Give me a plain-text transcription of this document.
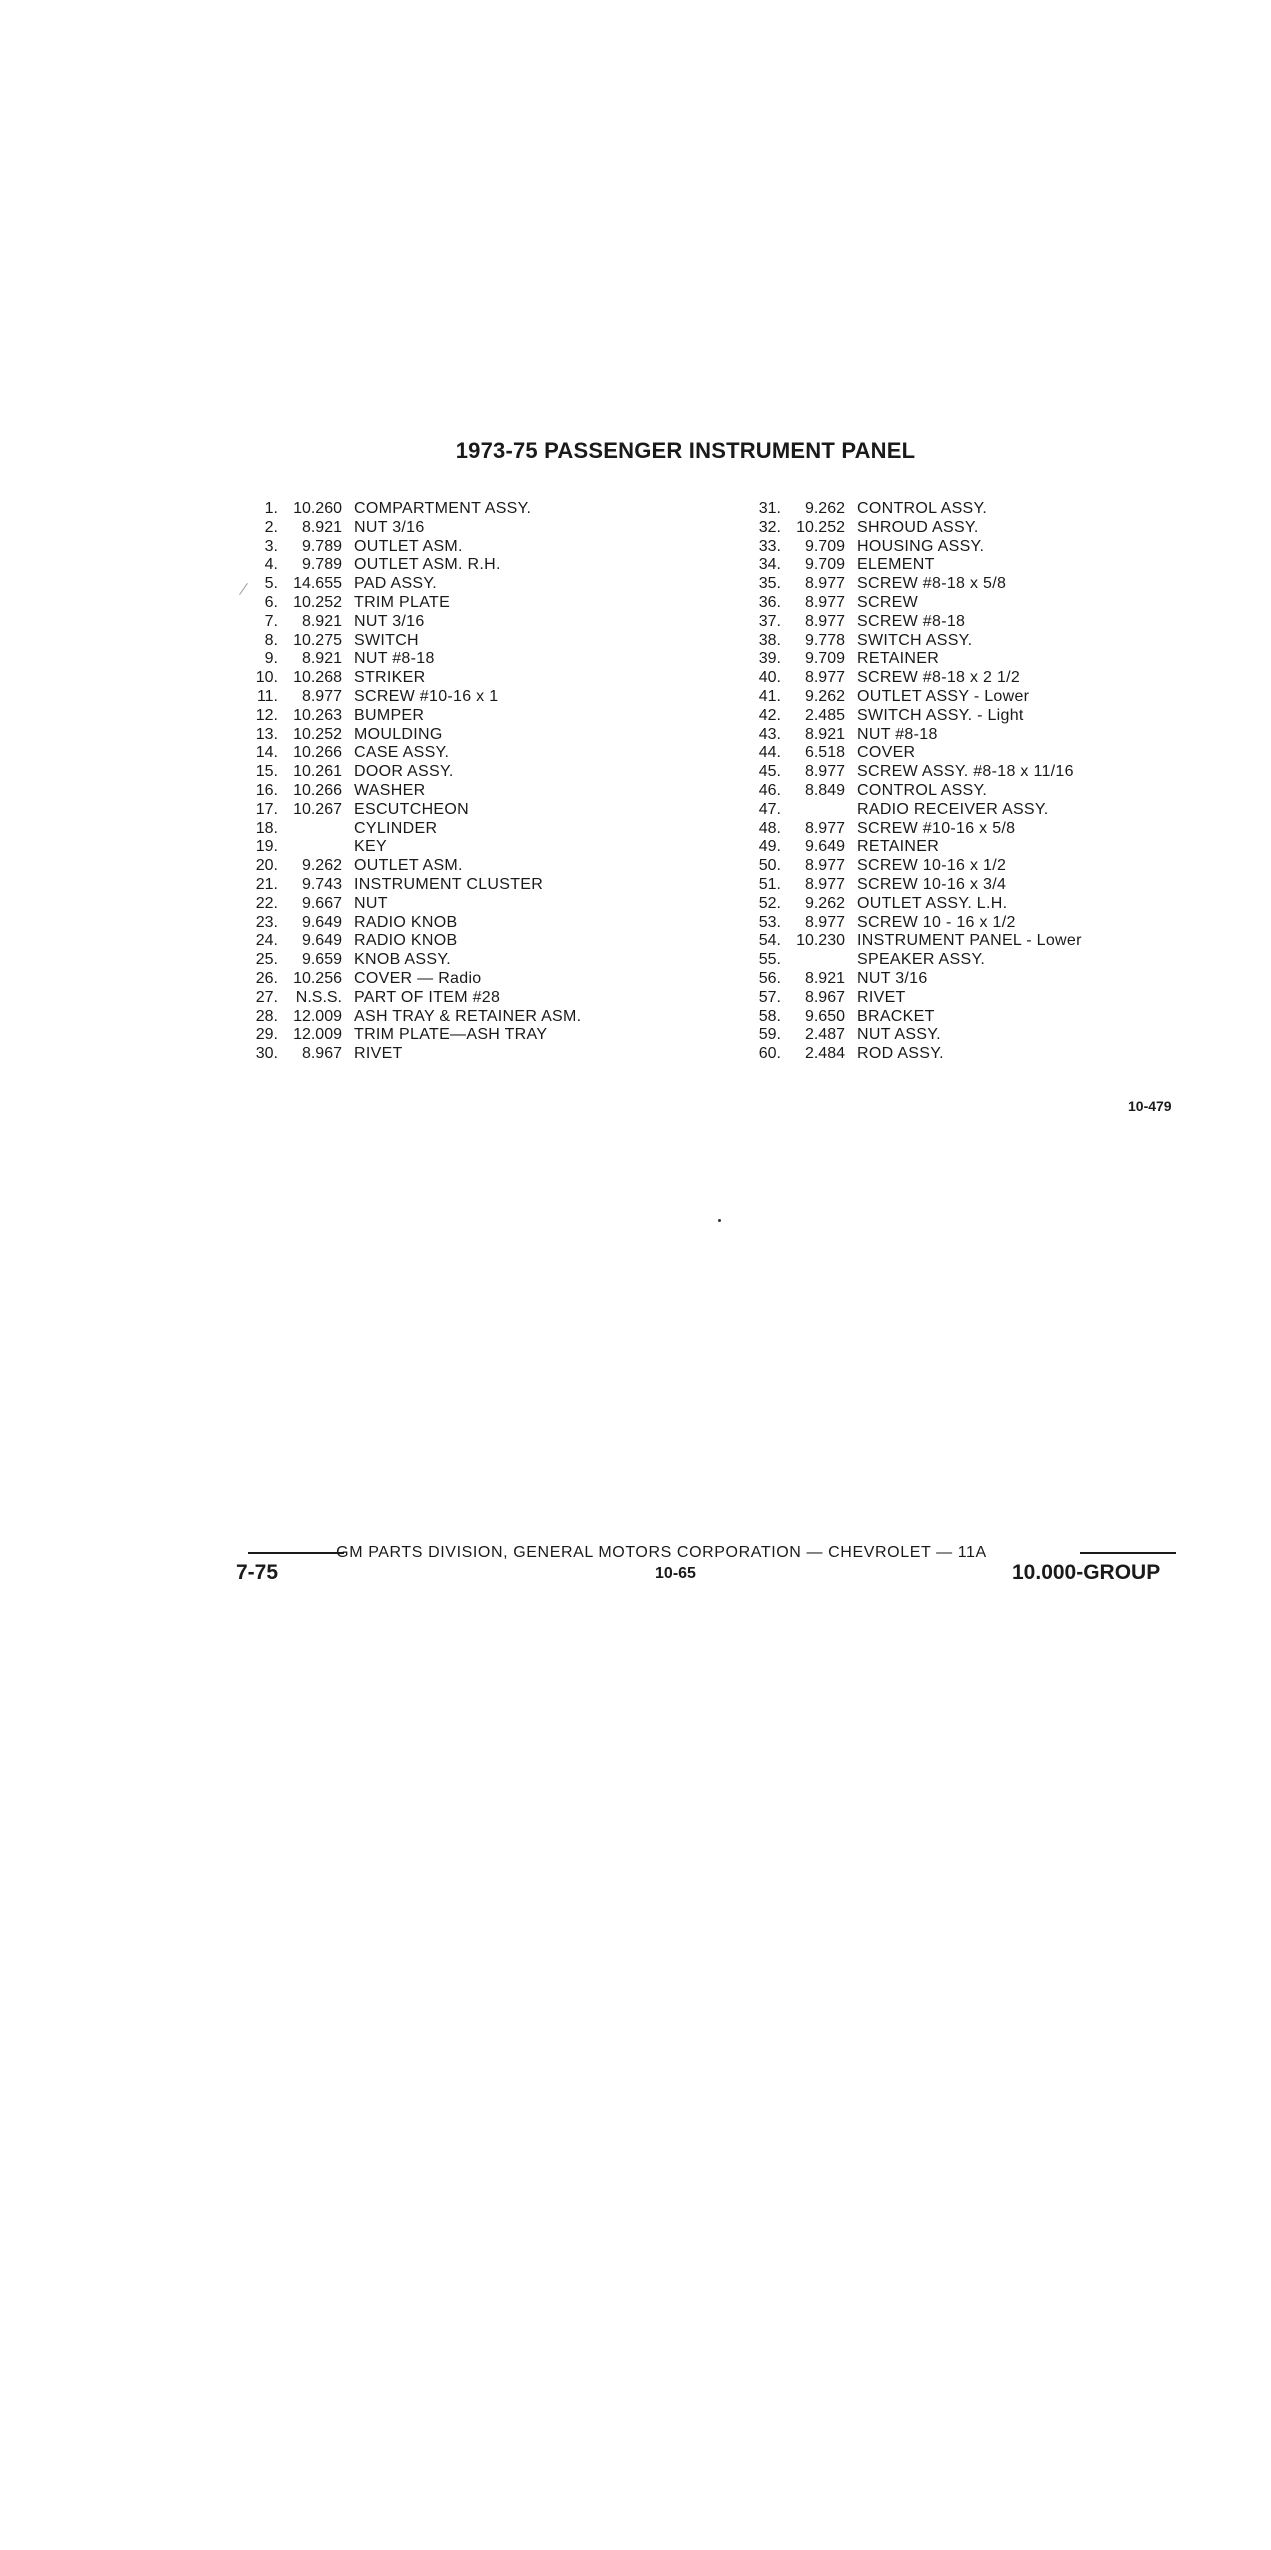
1973-75 PASSENGER INSTRUMENT PANEL
1. 10.260 COMPARTMENT ASSY.
2.	8.921 NUT 3/16
3.	9.789 OUTLET ASM.
4.	9.789 OUTLET ASM. R.H.
5. 14.655 PAD ASSY.
6. 10.252 TRIM PLATE
7.	8.921 NUT 3/16
8. 10.275 SWITCH
9.	8.921 NUT #8-18
10. 10.268 STRIKER
11.	8.977 SCREW #10-16 x 1
12. 10.263 BUMPER
13. 10.252 MOULDING
14. 10.266 CASE ASSY.
15. 10.261 DOOR ASSY.
16. 10.266 WASHER
17. 10.267 ESCUTCHEON
18.	CYLINDER
19.	KEY
20.	9.262 OUTLET ASM.
21.	9.743 INSTRUMENT CLUSTER
22.	9.667 NUT
23.	9.649 RADIO KNOB
24.	9.649 RADIO KNOB
25.	9.659 KNOB ASSY.
26. 10.256 COVER — Radio
27.	N.S.S. PART OF ITEM #28
28. 12.009 ASH TRAY & RETAINER ASM.
29. 12.009 TRIM PLATE—ASH TRAY
30.	8.967 RIVET
31.	9.262 CONTROL ASSY.
32. 10.252 SHROUD ASSY.
33.	9.709 HOUSING ASSY.
34.	9.709 ELEMENT
35.	8.977 SCREW #8-18 x 5/8
36.	8.977 SCREW
37.	8.977 SCREW #8-18
38.	9.778 SWITCH ASSY.
39.	9.709 RETAINER
40.	8.977 SCREW #8-18 x 2 1/2
41.	9.262 OUTLET ASSY - Lower
42.	2.485 SWITCH ASSY. - Light
43.	8.921 NUT #8-18
44.	6.518 COVER
45.	8.977 SCREW ASSY. #8-18 x 11/16
46.	8.849 CONTROL ASSY.
47.	RADIO RECEIVER ASSY.
48.	8.977 SCREW #10-16 x 5/8
49.	9.649 RETAINER
50.	8.977 SCREW 10-16 x 1/2
51.	8.977 SCREW 10-16 x 3/4
52.	9.262 OUTLET ASSY. L.H.
53.	8.977 SCREW 10 - 16 x 1/2
54. 10.230 INSTRUMENT PANEL - Lower
55.	SPEAKER ASSY.
56.	8.921 NUT 3/16
57.	8.967 RIVET
58.	9.650 BRACKET
59.	2.487 NUT ASSY.
60.	2.484 ROD ASSY.
10-479
GM PARTS DIVISION, GENERAL MOTORS CORPORATION — CHEVROLET — 11A
7-75	10-65	10.000-GROUP
